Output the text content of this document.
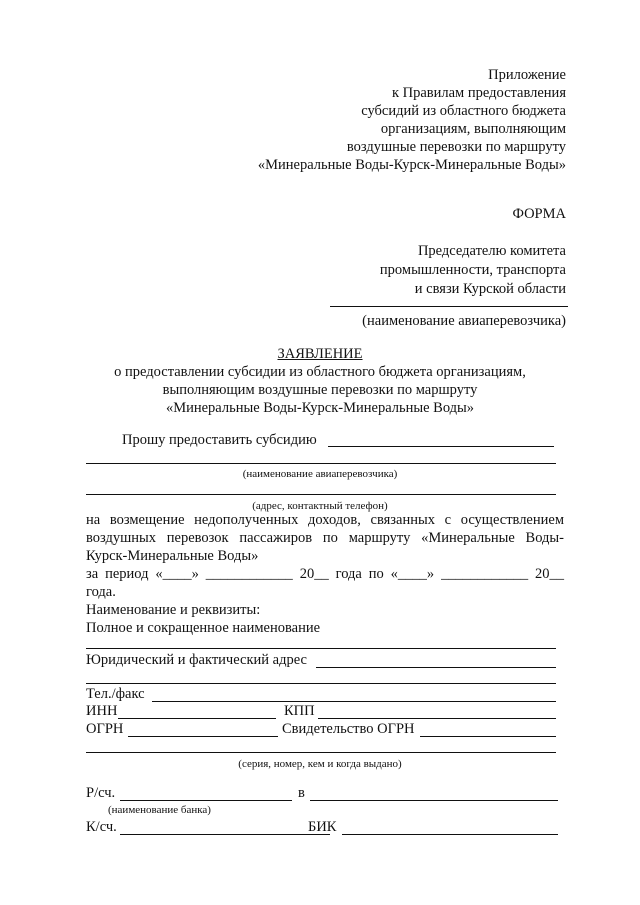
Приложение
к Правилам предоставления
субсидий из областного бюджета
организациям, выполняющим
воздушные перевозки по маршруту
«Минеральные Воды-Курск-Минеральные Воды»
ФОРМА
Председателю комитета
промышленности, транспорта
и связи Курской области
(наименование авиаперевозчика)
ЗАЯВЛЕНИЕ
о предоставлении субсидии из областного бюджета организациям,
выполняющим воздушные перевозки по маршруту
«Минеральные Воды-Курск-Минеральные Воды»
Прошу предоставить субсидию
(наименование авиаперевозчика)
(адрес, контактный телефон)
на возмещение недополученных доходов, связанных с осуществлением
воздушных перевозок пассажиров по маршруту «Минеральные Воды-
Курск-Минеральные Воды»
за период «____» ____________ 20__ года по «____» ____________ 20__
года.
Наименование и реквизиты:
Полное и сокращенное наименование
Юридический и фактический адрес
Тел./факс
ИНН	КПП
ОГРН	Свидетельство ОГРН
(серия, номер, кем и когда выдано)
Р/сч.	в
(наименование банка)
К/сч.	БИК
